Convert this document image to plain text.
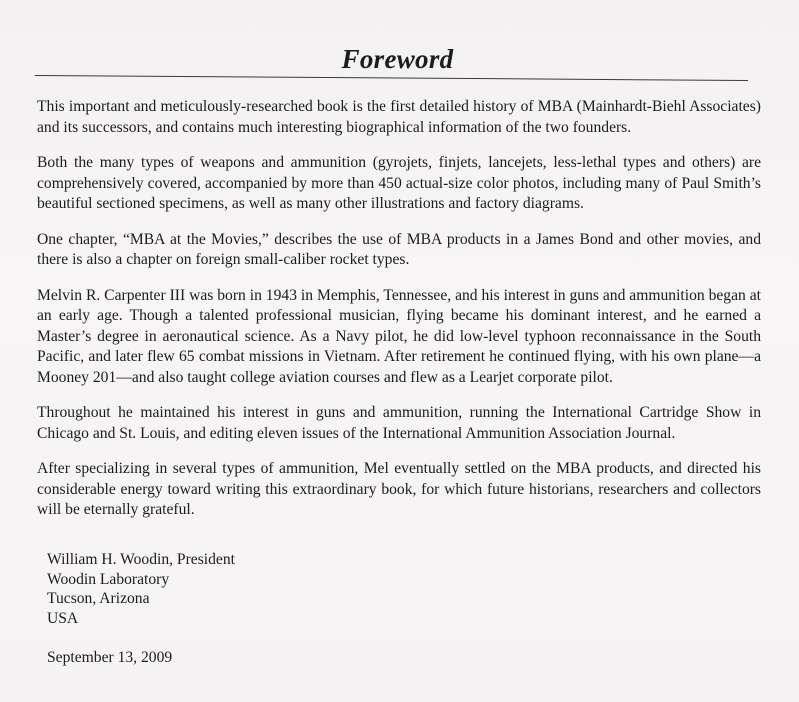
Foreword

This important and meticulously-researched book is the first detailed history of MBA (Mainhardt-Biehl Associates) and its successors, and contains much interesting biographical information of the two founders.

Both the many types of weapons and ammunition (gyrojets, finjets, lancejets, less-lethal types and others) are comprehensively covered, accompanied by more than 450 actual-size color photos, including many of Paul Smith’s beautiful sectioned specimens, as well as many other illustrations and factory diagrams.

One chapter, “MBA at the Movies,” describes the use of MBA products in a James Bond and other movies, and there is also a chapter on foreign small-caliber rocket types.

Melvin R. Carpenter III was born in 1943 in Memphis, Tennessee, and his interest in guns and ammunition began at an early age. Though a talented professional musician, flying became his dominant interest, and he earned a Master’s degree in aeronautical science. As a Navy pilot, he did low-level typhoon reconnaissance in the South Pacific, and later flew 65 combat missions in Vietnam. After retirement he continued flying, with his own plane—a Mooney 201—and also taught college aviation courses and flew as a Learjet corporate pilot.

Throughout he maintained his interest in guns and ammunition, running the International Cartridge Show in Chicago and St. Louis, and editing eleven issues of the International Ammunition Association Journal.

After specializing in several types of ammunition, Mel eventually settled on the MBA products, and directed his considerable energy toward writing this extraordinary book, for which future historians, researchers and collectors will be eternally grateful.

William H. Woodin, President
Woodin Laboratory
Tucson, Arizona
USA
September 13, 2009
